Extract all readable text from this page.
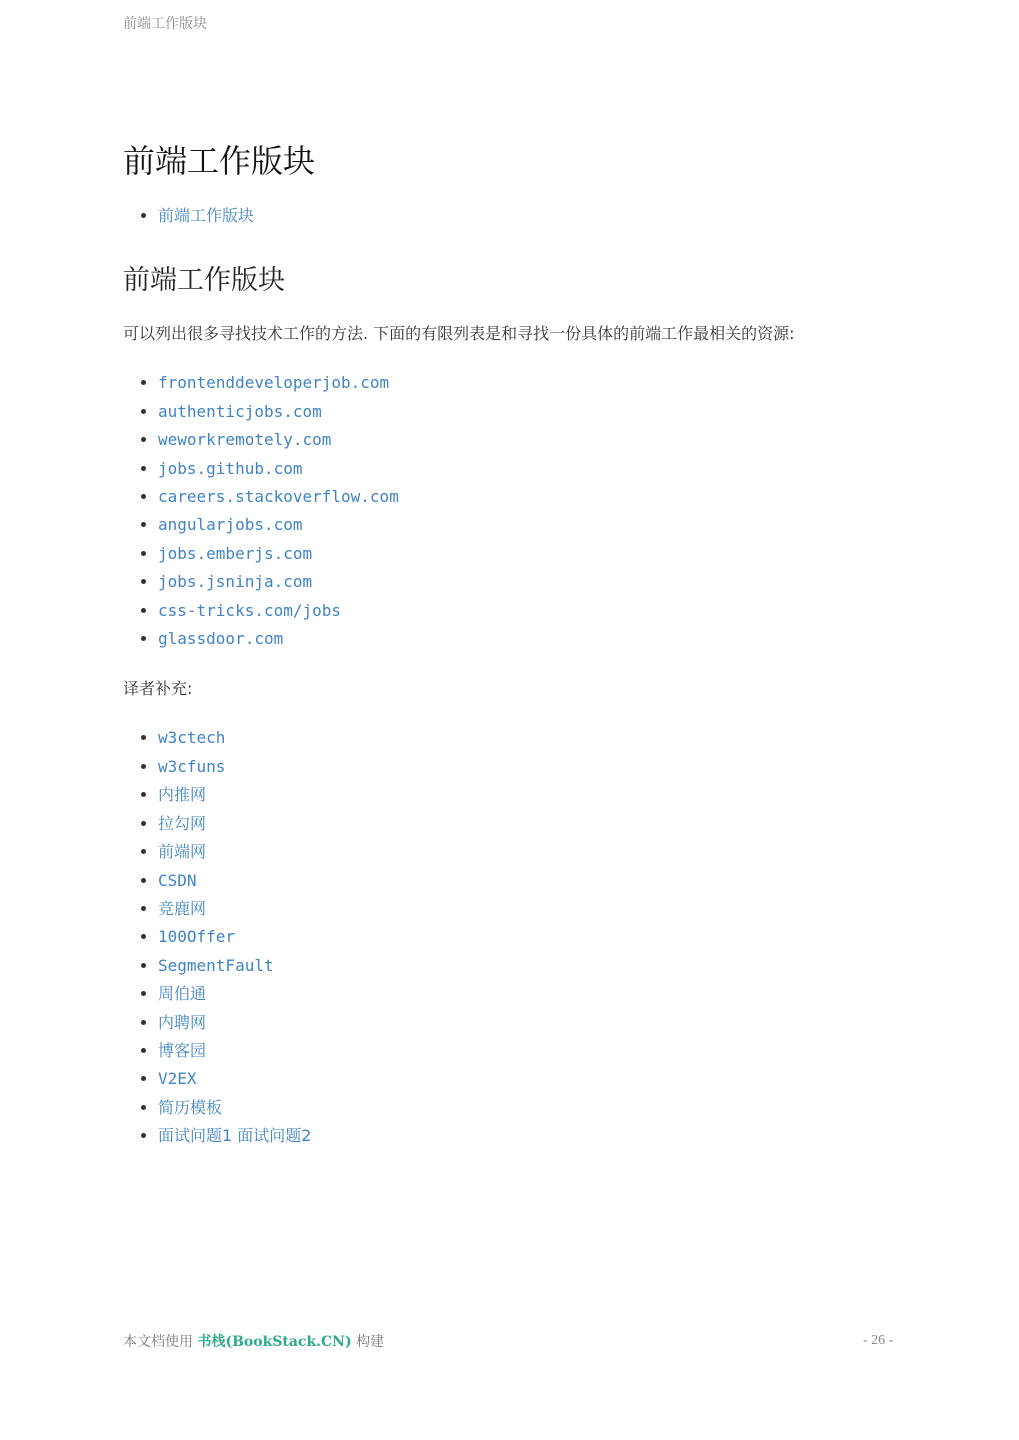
前端工作版块
前端工作版块
• 前端工作版块
前端工作版块

可以列出很多寻找技术工作的方法. 下面的有限列表是和寻找一份具体的前端工作最相关的资源:

• frontenddeveloperjob.com
• authenticjobs.com
• weworkremotely.com
• jobs.github.com
• careers.stackoverflow.com
• angularjobs.com
• jobs.emberjs.com
• jobs.jsninja.com
• css-tricks.com/jobs
• glassdoor.com

译者补充:

• w3ctech
• w3cfuns
• 内推网
• 拉勾网
• 前端网
• CSDN
• 竞鹿网
• 100Offer
• SegmentFault
• 周伯通
• 内聘网
• 博客园
• V2EX
• 简历模板
• 面试问题1 面试问题2
本文档使用 书栈(BookStack.CN) 构建	- 26 -
